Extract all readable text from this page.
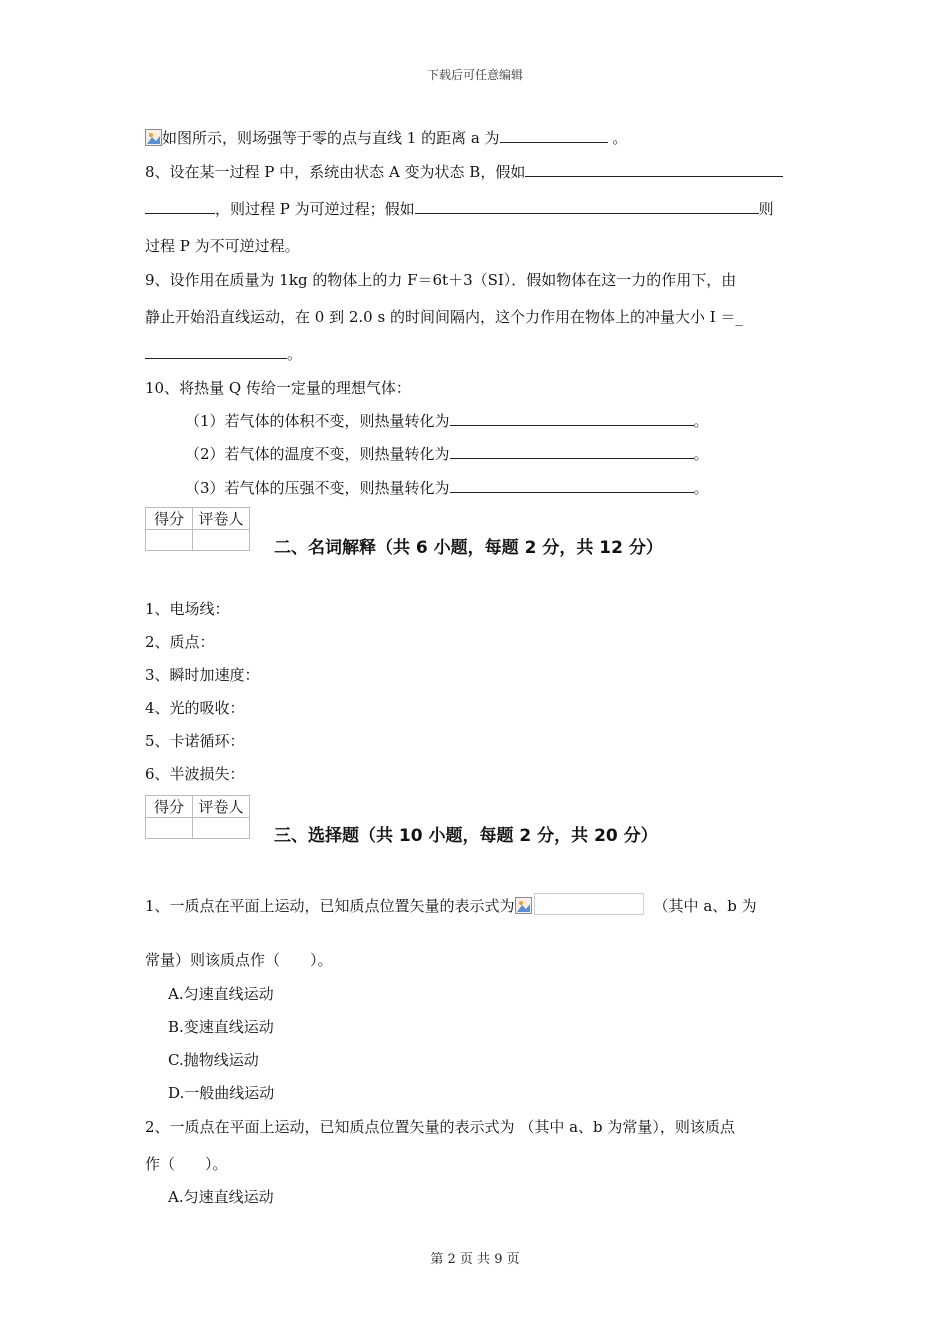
下载后可任意编辑
如图所示，则场强等于零的点与直线 1 的距离 a 为	。
8、设在某一过程 P 中，系统由状态 A 变为状态 B，假如
，则过程 P 为可逆过程；假如	则
过程 P 为不可逆过程。
9、设作用在质量为 1kg 的物体上的力 F＝6t＋3（SI）．假如物体在这一力的作用下，由
静止开始沿直线运动，在 0 到 2.0 s 的时间间隔内，这个力作用在物体上的冲量大小 I ＝_
。
10、将热量 Q 传给一定量的理想气体：
（1）若气体的体积不变，则热量转化为	。
（2）若气体的温度不变，则热量转化为	。
（3）若气体的压强不变，则热量转化为	。
得分	评卷人

二、名词解释（共 6 小题，每题 2 分，共 12 分）
1、电场线：
2、质点：
3、瞬时加速度：
4、光的吸收：
5、卡诺循环：
6、半波损失：
得分	评卷人

三、选择题（共 10 小题，每题 2 分，共 20 分）
1、一质点在平面上运动，已知质点位置矢量的表示式为	（其中 a、b 为
常量）则该质点作（　　）。
A.匀速直线运动
B.变速直线运动
C.抛物线运动
D.一般曲线运动
2、一质点在平面上运动，已知质点位置矢量的表示式为 （其中 a、b 为常量），则该质点
作（　　）。
A.匀速直线运动
第 2 页 共 9 页
